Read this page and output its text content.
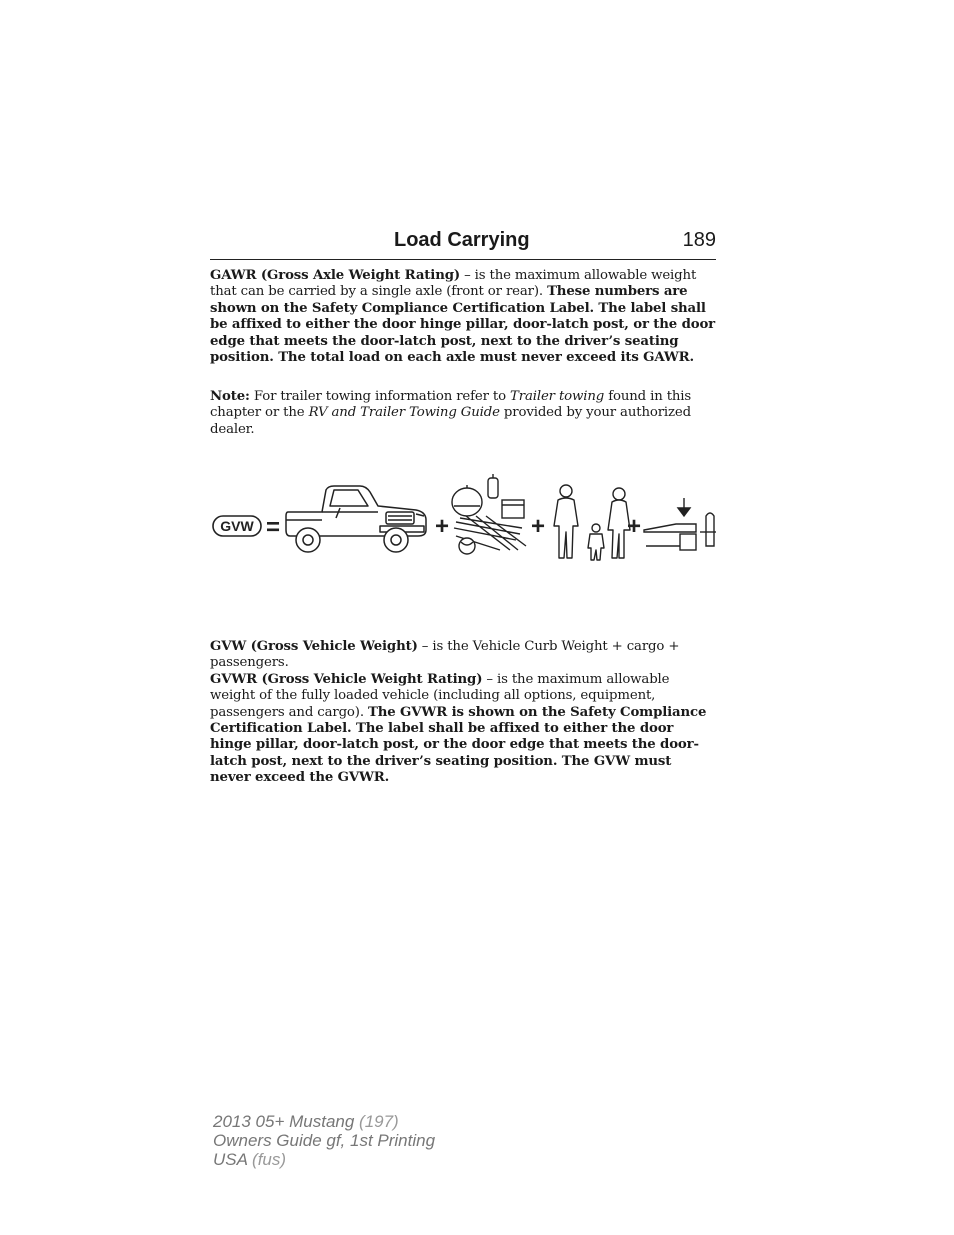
Load Carrying	189

GAWR (Gross Axle Weight Rating) – is the maximum allowable weight that can be carried by a single axle (front or rear). These numbers are shown on the Safety Compliance Certification Label. The label shall be affixed to either the door hinge pillar, door-latch post, or the door edge that meets the door-latch post, next to the driver’s seating position. The total load on each axle must never exceed its GAWR.

Note: For trailer towing information refer to Trailer towing found in this chapter or the RV and Trailer Towing Guide provided by your authorized dealer.

GVW =	+	+	+

GVW (Gross Vehicle Weight) – is the Vehicle Curb Weight + cargo + passengers.

GVWR (Gross Vehicle Weight Rating) – is the maximum allowable weight of the fully loaded vehicle (including all options, equipment, passengers and cargo). The GVWR is shown on the Safety Compliance Certification Label. The label shall be affixed to either the door hinge pillar, door-latch post, or the door edge that meets the door-latch post, next to the driver’s seating position. The GVW must never exceed the GVWR.

2013 05+ Mustang (197)
Owners Guide gf, 1st Printing
USA (fus)
